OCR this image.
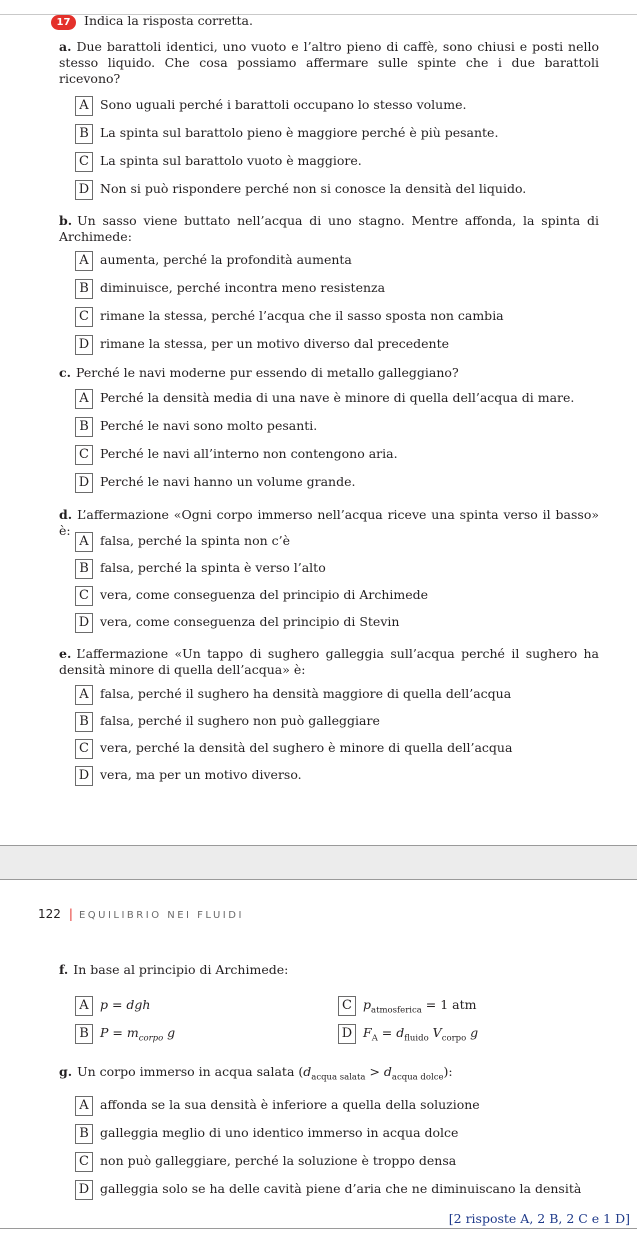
17	Indica la risposta corretta.
a. Due barattoli identici, uno vuoto e l’altro pieno di caffè, sono chiusi e posti nello stesso liquido. Che cosa possiamo affermare sulle spinte che i due barattoli ricevono?
A Sono uguali perché i barattoli occupano lo stesso volume.
B La spinta sul barattolo pieno è maggiore perché è più pesante.
C La spinta sul barattolo vuoto è maggiore.
D Non si può rispondere perché non si conosce la densità del liquido.
b. Un sasso viene buttato nell’acqua di uno stagno. Mentre affonda, la spinta di Archimede:
A aumenta, perché la profondità aumenta
B diminuisce, perché incontra meno resistenza
C rimane la stessa, perché l’acqua che il sasso sposta non cambia
D rimane la stessa, per un motivo diverso dal precedente
c. Perché le navi moderne pur essendo di metallo galleggiano?
A Perché la densità media di una nave è minore di quella dell’acqua di mare.
B Perché le navi sono molto pesanti.
C Perché le navi all’interno non contengono aria.
D Perché le navi hanno un volume grande.
d. L’affermazione «Ogni corpo immerso nell’acqua riceve una spinta verso il basso» è:
A falsa, perché la spinta non c’è
B falsa, perché la spinta è verso l’alto
C vera, come conseguenza del principio di Archimede
D vera, come conseguenza del principio di Stevin
e. L’affermazione «Un tappo di sughero galleggia sull’acqua perché il sughero ha densità minore di quella dell’acqua» è:
A falsa, perché il sughero ha densità maggiore di quella dell’acqua
B falsa, perché il sughero non può galleggiare
C vera, perché la densità del sughero è minore di quella dell’acqua
D vera, ma per un motivo diverso.
122 | EQUILIBRIO NEI FLUIDI
f. In base al principio di Archimede:
A p = dgh	C $p_{atmosferica} = 1$ atm
B $P = m_{corpo}$ g	D $F_A = d_{fluido}$ $V_{corpo}$ g
g. Un corpo immerso in acqua salata $(d_{acqua salata} > d_{acqua dolce})$:
A affonda se la sua densità è inferiore a quella della soluzione
B galleggia meglio di uno identico immerso in acqua dolce
C non può galleggiare, perché la soluzione è troppo densa
D galleggia solo se ha delle cavità piene d’aria che ne diminuiscano la densità
[2 risposte A, 2 B, 2 C e 1 D]
